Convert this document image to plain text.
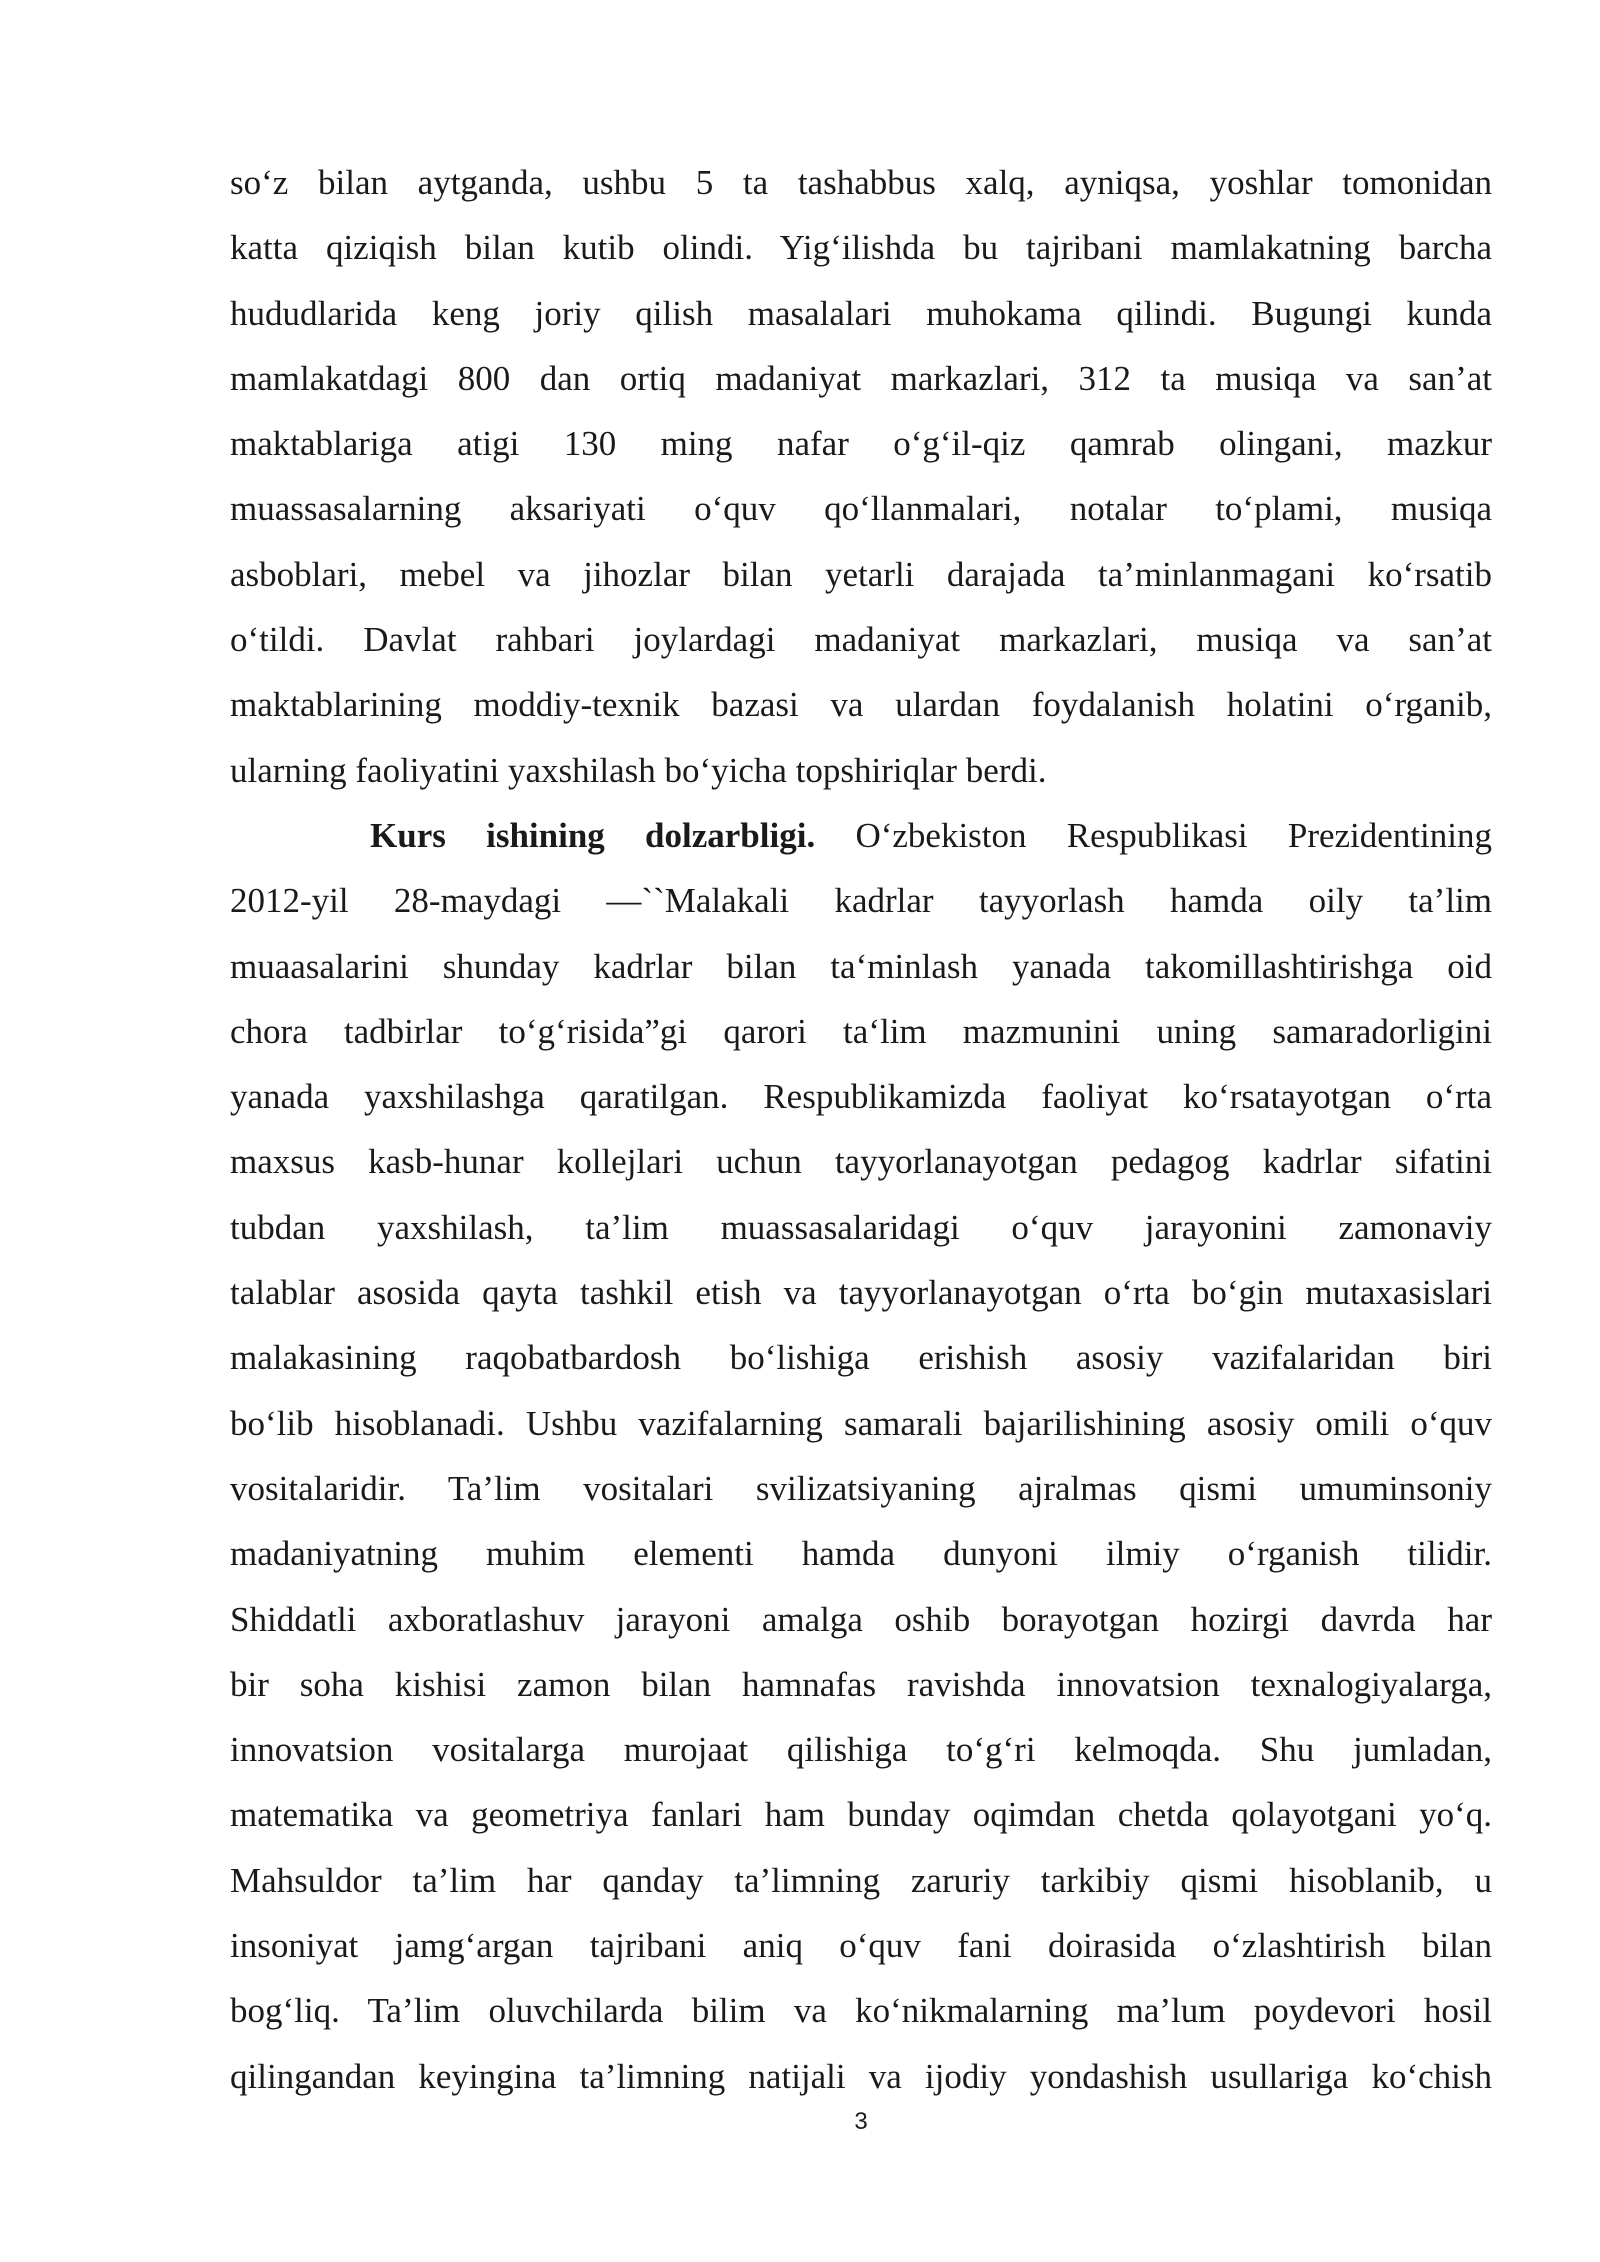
so‘z bilan aytganda, ushbu 5 ta tashabbus xalq, ayniqsa, yoshlar tomonidan
katta qiziqish bilan kutib olindi. Yig‘ilishda bu tajribani mamlakatning barcha
hududlarida keng joriy qilish masalalari muhokama qilindi. Bugungi kunda
mamlakatdagi 800 dan ortiq madaniyat markazlari, 312 ta musiqa va san’at
maktablariga atigi 130 ming nafar o‘g‘il-qiz qamrab olingani, mazkur
muassasalarning aksariyati o‘quv qo‘llanmalari, notalar to‘plami, musiqa
asboblari, mebel va jihozlar bilan yetarli darajada ta’minlanmagani ko‘rsatib
o‘tildi. Davlat rahbari joylardagi madaniyat markazlari, musiqa va san’at
maktablarining moddiy-texnik bazasi va ulardan foydalanish holatini o‘rganib,
ularning faoliyatini yaxshilash bo‘yicha topshiriqlar berdi.
Kurs ishining dolzarbligi. O‘zbekiston Respublikasi Prezidentining
2012-yil 28-maydagi ―``Malakali kadrlar tayyorlash hamda oily ta’lim
muaasalarini shunday kadrlar bilan ta‘minlash yanada takomillashtirishga oid
chora tadbirlar to‘g‘risida”gi qarori ta‘lim mazmunini uning samaradorligini
yanada yaxshilashga qaratilgan. Respublikamizda faoliyat ko‘rsatayotgan o‘rta
maxsus kasb-hunar kollejlari uchun tayyorlanayotgan pedagog kadrlar sifatini
tubdan yaxshilash, ta’lim muassasalaridagi o‘quv jarayonini zamonaviy
talablar asosida qayta tashkil etish va tayyorlanayotgan o‘rta bo‘gin mutaxasislari
malakasining raqobatbardosh bo‘lishiga erishish asosiy vazifalaridan biri
bo‘lib hisoblanadi. Ushbu vazifalarning samarali bajarilishining asosiy omili o‘quv
vositalaridir. Ta’lim vositalari svilizatsiyaning ajralmas qismi umuminsoniy
madaniyatning muhim elementi hamda dunyoni ilmiy o‘rganish tilidir.
Shiddatli axboratlashuv jarayoni amalga oshib borayotgan hozirgi davrda har
bir soha kishisi zamon bilan hamnafas ravishda innovatsion texnalogiyalarga,
innovatsion vositalarga murojaat qilishiga to‘g‘ri kelmoqda. Shu jumladan,
matematika va geometriya fanlari ham bunday oqimdan chetda qolayotgani yo‘q.
Mahsuldor ta’lim har qanday ta’limning zaruriy tarkibiy qismi hisoblanib, u
insoniyat jamg‘argan tajribani aniq o‘quv fani doirasida o‘zlashtirish bilan
bog‘liq. Ta’lim oluvchilarda bilim va ko‘nikmalarning ma’lum poydevori hosil
qilingandan keyingina ta’limning natijali va ijodiy yondashish usullariga ko‘chish
3
